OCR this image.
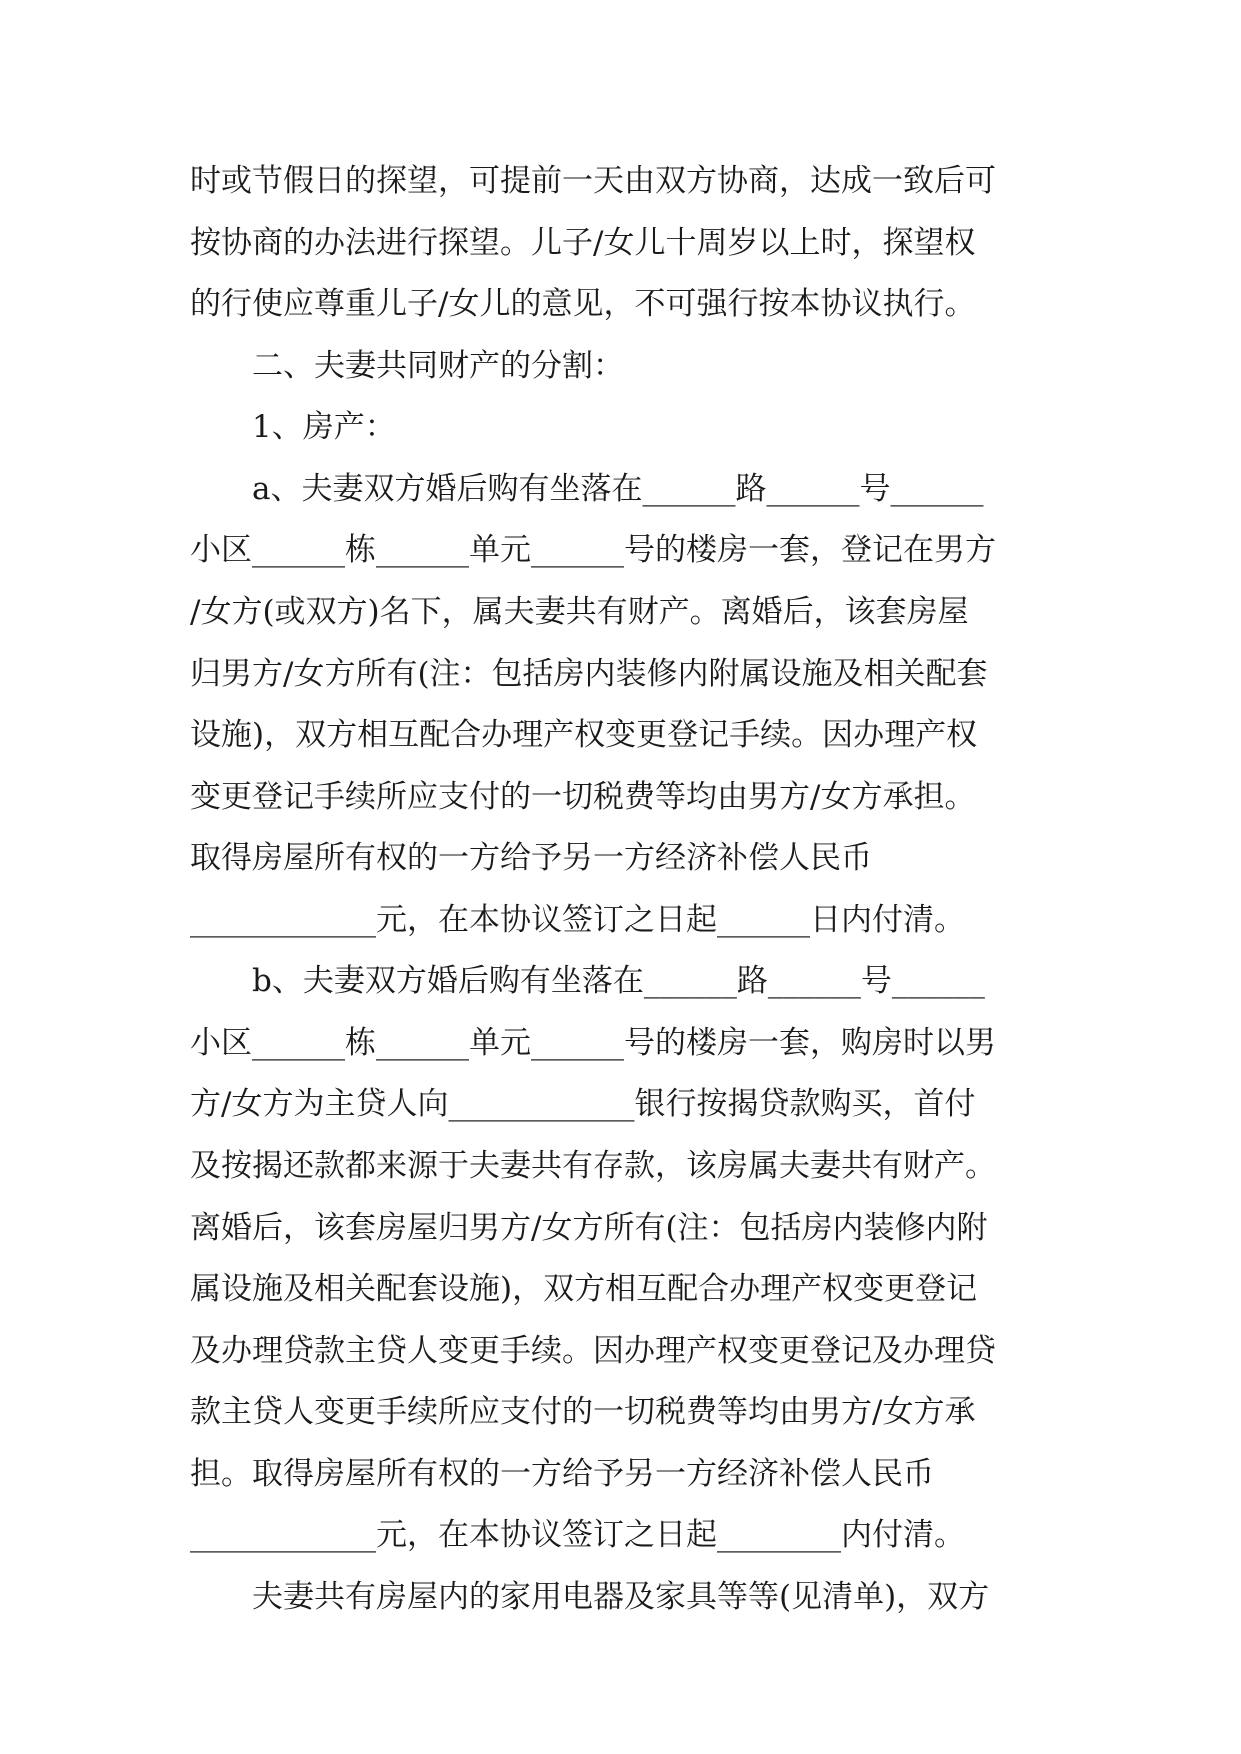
时或节假日的探望，可提前一天由双方协商，达成一致后可
按协商的办法进行探望。儿子/女儿十周岁以上时，探望权
的行使应尊重儿子/女儿的意见，不可强行按本协议执行。
二、夫妻共同财产的分割：
1、房产：
a、夫妻双方婚后购有坐落在______路______号______
小区______栋______单元______号的楼房一套，登记在男方
/女方(或双方)名下，属夫妻共有财产。离婚后，该套房屋
归男方/女方所有(注：包括房内装修内附属设施及相关配套
设施)，双方相互配合办理产权变更登记手续。因办理产权
变更登记手续所应支付的一切税费等均由男方/女方承担。
取得房屋所有权的一方给予另一方经济补偿人民币
____________元，在本协议签订之日起______日内付清。
b、夫妻双方婚后购有坐落在______路______号______
小区______栋______单元______号的楼房一套，购房时以男
方/女方为主贷人向____________银行按揭贷款购买，首付
及按揭还款都来源于夫妻共有存款，该房属夫妻共有财产。
离婚后，该套房屋归男方/女方所有(注：包括房内装修内附
属设施及相关配套设施)，双方相互配合办理产权变更登记
及办理贷款主贷人变更手续。因办理产权变更登记及办理贷
款主贷人变更手续所应支付的一切税费等均由男方/女方承
担。取得房屋所有权的一方给予另一方经济补偿人民币
____________元，在本协议签订之日起________内付清。
夫妻共有房屋内的家用电器及家具等等(见清单)，双方
